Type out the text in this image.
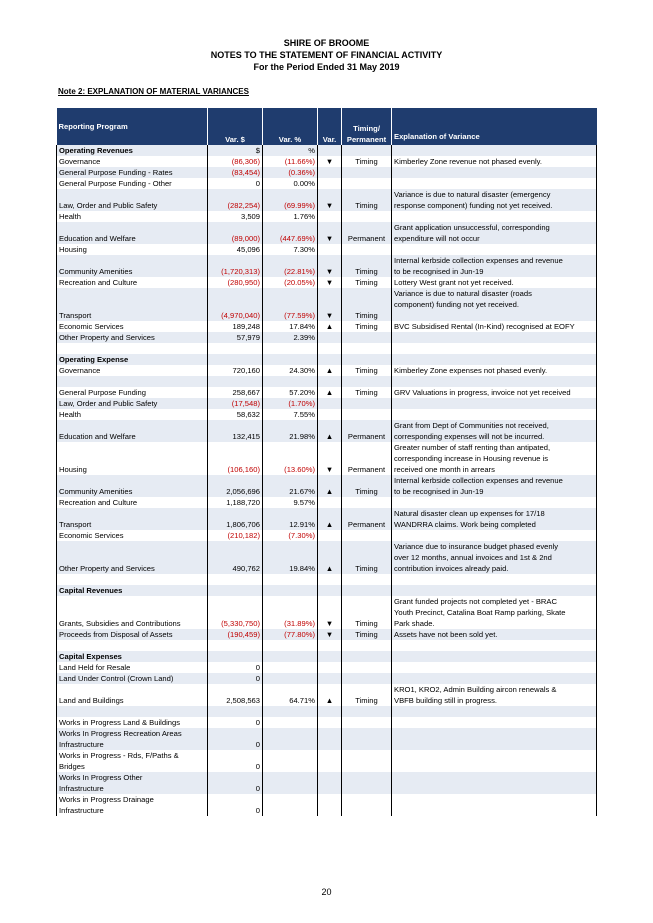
SHIRE OF BROOME
NOTES TO THE STATEMENT OF FINANCIAL ACTIVITY
For the Period Ended 31 May 2019
Note 2: EXPLANATION OF MATERIAL VARIANCES
Reporting Program	Var. $	Var. %	Var.	Timing/ Permanent	Explanation of Variance
Operating Revenues	$	%			
Governance	(86,306)	(11.66%)	▼	Timing	Kimberley Zone revenue not phased evenly.

General Purpose Funding - Rates	(83,454)	(0.36%)			
General Purpose Funding - Other	0	0.00%			
Law, Order and Public Safety	(282,254)	(69.99%)	▼	Timing	Variance is due to natural disaster (emergency
response component) funding not yet received.

Health	3,509	1.76%			
Education and Welfare	(89,000)	(447.69%)	▼	Permanent	Grant application unsuccessful, corresponding
expenditure will not occur

Housing	45,096	7.30%			
Community Amenities	(1,720,313)	(22.81%)	▼	Timing	Internal kerbside collection expenses and revenue
to be recognised in Jun-19

Recreation and Culture	(280,950)	(20.05%)	▼	Timing	Lottery West grant not yet received.

Transport	(4,970,040)	(77.59%)	▼	Timing	Variance is due to natural disaster (roads
component) funding not yet received.

Economic Services	189,248	17.84%	▲	Timing	BVC Subsidised Rental (In-Kind) recognised at EOFY

Other Property and Services	57,979	2.39%			

Operating Expense					
Governance	720,160	24.30%	▲	Timing	Kimberley Zone expenses not phased evenly.

General Purpose Funding	258,667	57.20%	▲	Timing	GRV Valuations in progress, invoice not yet received

Law, Order and Public Safety	(17,548)	(1.70%)			
Health	58,632	7.55%			
Education and Welfare	132,415	21.98%	▲	Permanent	Grant from Dept of Communities not received,
corresponding expenses will not be incurred.

Housing	(106,160)	(13.60%)	▼	Permanent	Greater number of staff renting than antipated,
corresponding increase in Housing revenue is
received one month in arrears

Community Amenities	2,056,696	21.67%	▲	Timing	Internal kerbside collection expenses and revenue
to be recognised in Jun-19

Recreation and Culture	1,188,720	9.57%			
Transport	1,806,706	12.91%	▲	Permanent	Natural disaster clean up expenses for 17/18
WANDRRA claims. Work being completed

Economic Services	(210,182)	(7.30%)			
Other Property and Services	490,762	19.84%	▲	Timing	Variance due to insurance budget phased evenly
over 12 months, annual invoices and 1st & 2nd
contribution invoices already paid.

Capital Revenues					
Grants, Subsidies and Contributions	(5,330,750)	(31.89%)	▼	Timing	Grant funded projects not completed yet - BRAC
Youth Precinct, Catalina Boat Ramp parking, Skate
Park shade.

Proceeds from Disposal of Assets	(190,459)	(77.80%)	▼	Timing	Assets have not been sold yet.

Capital Expenses					
Land Held for Resale	0				
Land Under Control (Crown Land)	0				
Land and Buildings	2,508,563	64.71%	▲	Timing	KRO1, KRO2, Admin Building aircon renewals &
VBFB building still in progress.

Works in Progress Land & Buildings	0				

Works In Progress Recreation Areas
Infrastructure	0				

Works in Progress - Rds, F/Paths &
Bridges	0				

Works In Progress Other
Infrastructure	0				

Works in Progress Drainage
Infrastructure	0				
20
